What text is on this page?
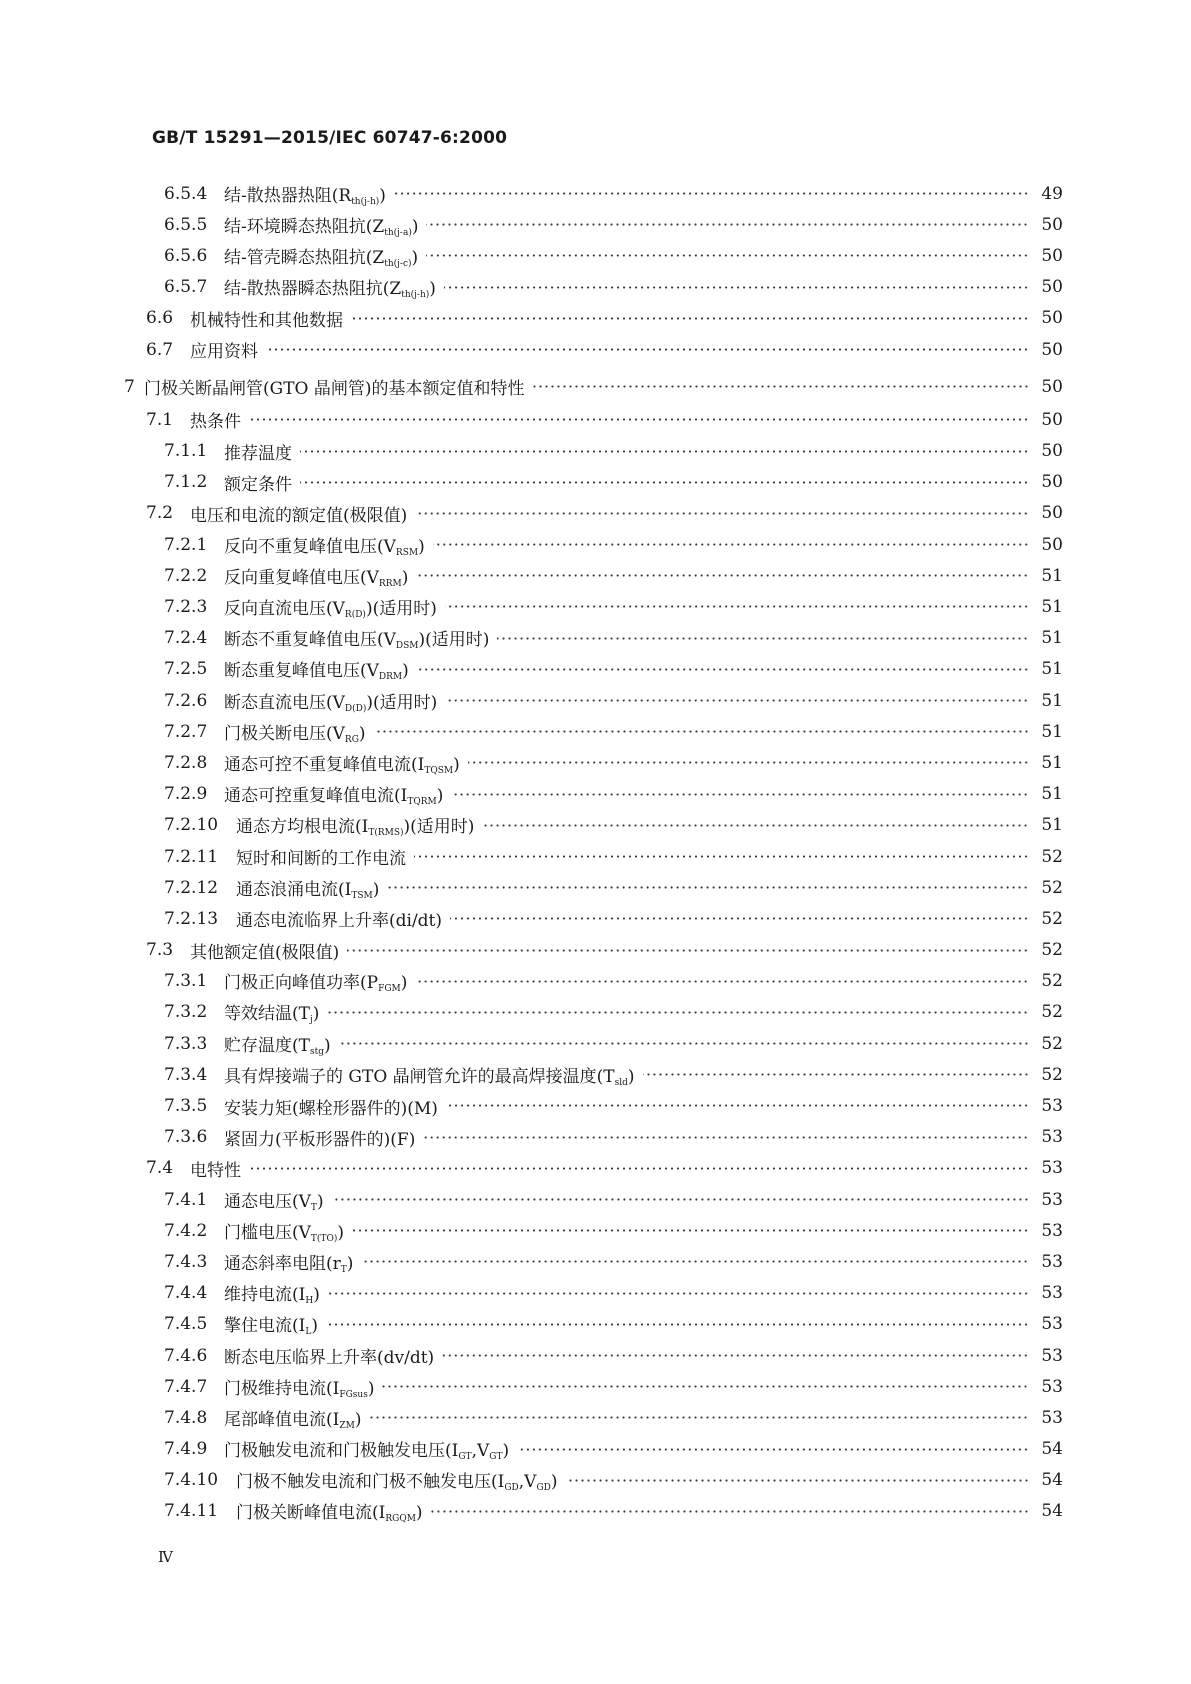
GB/T 15291—2015/IEC 60747-6:2000
6.5.4 结-散热器热阻$(R_{th(j-h)})$	49
6.5.5 结-环境瞬态热阻抗$(Z_{th(j-a)})$	50
6.5.6 结-管壳瞬态热阻抗$(Z_{th(j-c)})$	50
6.5.7 结-散热器瞬态热阻抗$(Z_{th(j-h)})$	50
6.6 机械特性和其他数据	50
6.7 应用资料	50
7 门极关断晶闸管(GTO 晶闸管)的基本额定值和特性	50
7.1 热条件	50
7.1.1 推荐温度	50
7.1.2 额定条件	50
7.2 电压和电流的额定值(极限值)	50
7.2.1 反向不重复峰值电压$(V_{RSM})$	50
7.2.2 反向重复峰值电压$(V_{RRM})$	51
7.2.3 反向直流电压$(V_{R(D)})$(适用时)	51
7.2.4 断态不重复峰值电压$(V_{DSM})$(适用时)	51
7.2.5 断态重复峰值电压$(V_{DRM})$	51
7.2.6 断态直流电压$(V_{D(D)})$(适用时)	51
7.2.7 门极关断电压$(V_{RG})$	51
7.2.8 通态可控不重复峰值电流$(I_{TQSM})$	51
7.2.9 通态可控重复峰值电流$(I_{TQRM})$	51
7.2.10 通态方均根电流$(I_{T(RMS)})$(适用时)	51
7.2.11 短时和间断的工作电流	52
7.2.12 通态浪涌电流$(I_{TSM})$	52
7.2.13 通态电流临界上升率(di/dt)	52
7.3 其他额定值(极限值)	52
7.3.1 门极正向峰值功率$(P_{FGM})$	52
7.3.2 等效结温$(T_j)$	52
7.3.3 贮存温度$(T_{stg})$	52
7.3.4 具有焊接端子的 GTO 晶闸管允许的最高焊接温度$(T_{sld})$	52
7.3.5 安装力矩(螺栓形器件的)(M)	53
7.3.6 紧固力(平板形器件的)(F)	53
7.4 电特性	53
7.4.1 通态电压$(V_T)$	53
7.4.2 门槛电压$(V_{T(TO)})$	53
7.4.3 通态斜率电阻$(r_T)$	53
7.4.4 维持电流$(I_H)$	53
7.4.5 擎住电流$(I_L)$	53
7.4.6 断态电压临界上升率(dv/dt)	53
7.4.7 门极维持电流$(I_{FGsus})$	53
7.4.8 尾部峰值电流$(I_{ZM})$	53
7.4.9 门极触发电流和门极触发电压$(I_{GT},V_{GT})$	54
7.4.10 门极不触发电流和门极不触发电压$(I_{GD},V_{GD})$	54
7.4.11 门极关断峰值电流$(I_{RGQM})$	54
Ⅳ
